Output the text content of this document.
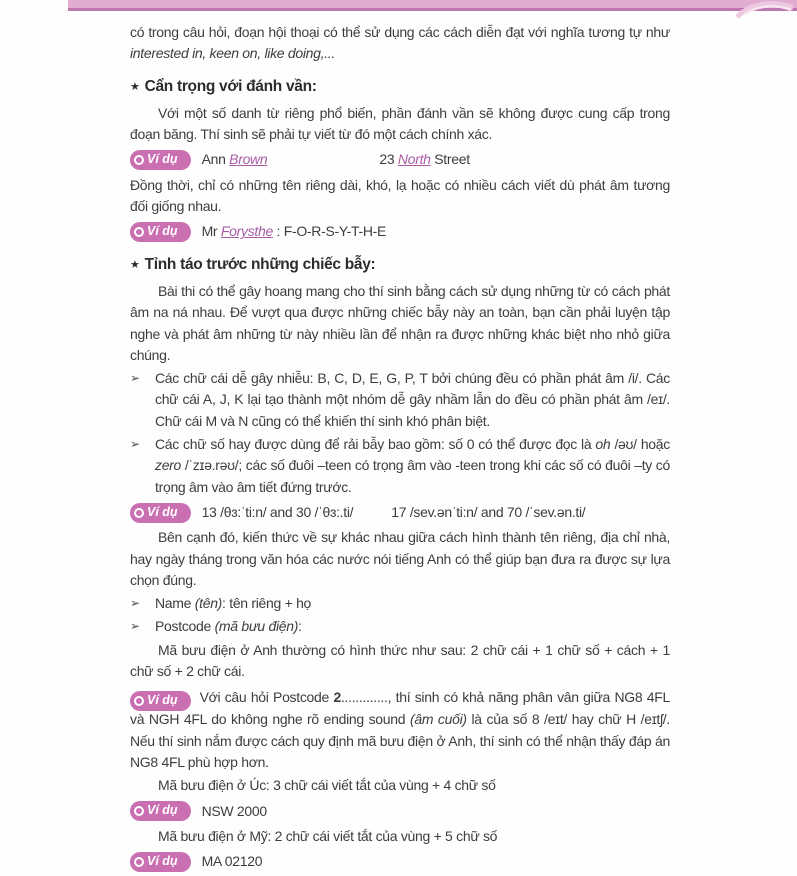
có trong câu hỏi, đoạn hội thoại có thể sử dụng các cách diễn đạt với nghĩa tương tự như interested in, keen on, like doing,...
★ Cẩn trọng với đánh vần:
Với một số danh từ riêng phổ biến, phần đánh vần sẽ không được cung cấp trong đoạn băng. Thí sinh sẽ phải tự viết từ đó một cách chính xác.
Ví dụ	Ann Brown	23 North Street
Đồng thời, chỉ có những tên riêng dài, khó, lạ hoặc có nhiều cách viết dù phát âm tương đối giống nhau.
Ví dụ	Mr Forysthe : F-O-R-S-Y-T-H-E
★ Tỉnh táo trước những chiếc bẫy:
Bài thi có thể gây hoang mang cho thí sinh bằng cách sử dụng những từ có cách phát âm na ná nhau. Để vượt qua được những chiếc bẫy này an toàn, bạn cần phải luyện tập nghe và phát âm những từ này nhiều lần để nhận ra được những khác biệt nho nhỏ giữa chúng.
➢ Các chữ cái dễ gây nhiễu: B, C, D, E, G, P, T bởi chúng đều có phần phát âm /i/. Các chữ cái A, J, K lại tạo thành một nhóm dễ gây nhầm lẫn do đều có phần phát âm /eɪ/. Chữ cái M và N cũng có thể khiến thí sinh khó phân biệt.
➢ Các chữ số hay được dùng để rải bẫy bao gồm: số 0 có thể được đọc là oh /əʊ/ hoặc zero /ˈzɪə.rəʊ/; các số đuôi –teen có trọng âm vào -teen trong khi các số có đuôi –ty có trọng âm vào âm tiết đứng trước.
Ví dụ	13 /θɜ:ˈti:n/ and 30 /ˈθɜ:.ti/	17 /sev.ənˈti:n/ and 70 /ˈsev.ən.ti/
Bên cạnh đó, kiến thức về sự khác nhau giữa cách hình thành tên riêng, địa chỉ nhà, hay ngày tháng trong văn hóa các nước nói tiếng Anh có thể giúp bạn đưa ra được sự lựa chọn đúng.
➢ Name (tên): tên riêng + họ
➢ Postcode (mã bưu điện):
Mã bưu điện ở Anh thường có hình thức như sau: 2 chữ cái + 1 chữ số + cách + 1 chữ số + 2 chữ cái.
Ví dụ Với câu hỏi Postcode 2............., thí sinh có khả năng phân vân giữa NG8 4FL và NGH 4FL do không nghe rõ ending sound (âm cuối) là của số 8 /eɪt/ hay chữ H /eɪtʃ/. Nếu thí sinh nắm được cách quy định mã bưu điện ở Anh, thí sinh có thể nhận thấy đáp án NG8 4FL phù hợp hơn.
Mã bưu điện ở Úc: 3 chữ cái viết tắt của vùng + 4 chữ số
Ví dụ	NSW 2000
Mã bưu điện ở Mỹ: 2 chữ cái viết tắt của vùng + 5 chữ số
Ví dụ	MA 02120
